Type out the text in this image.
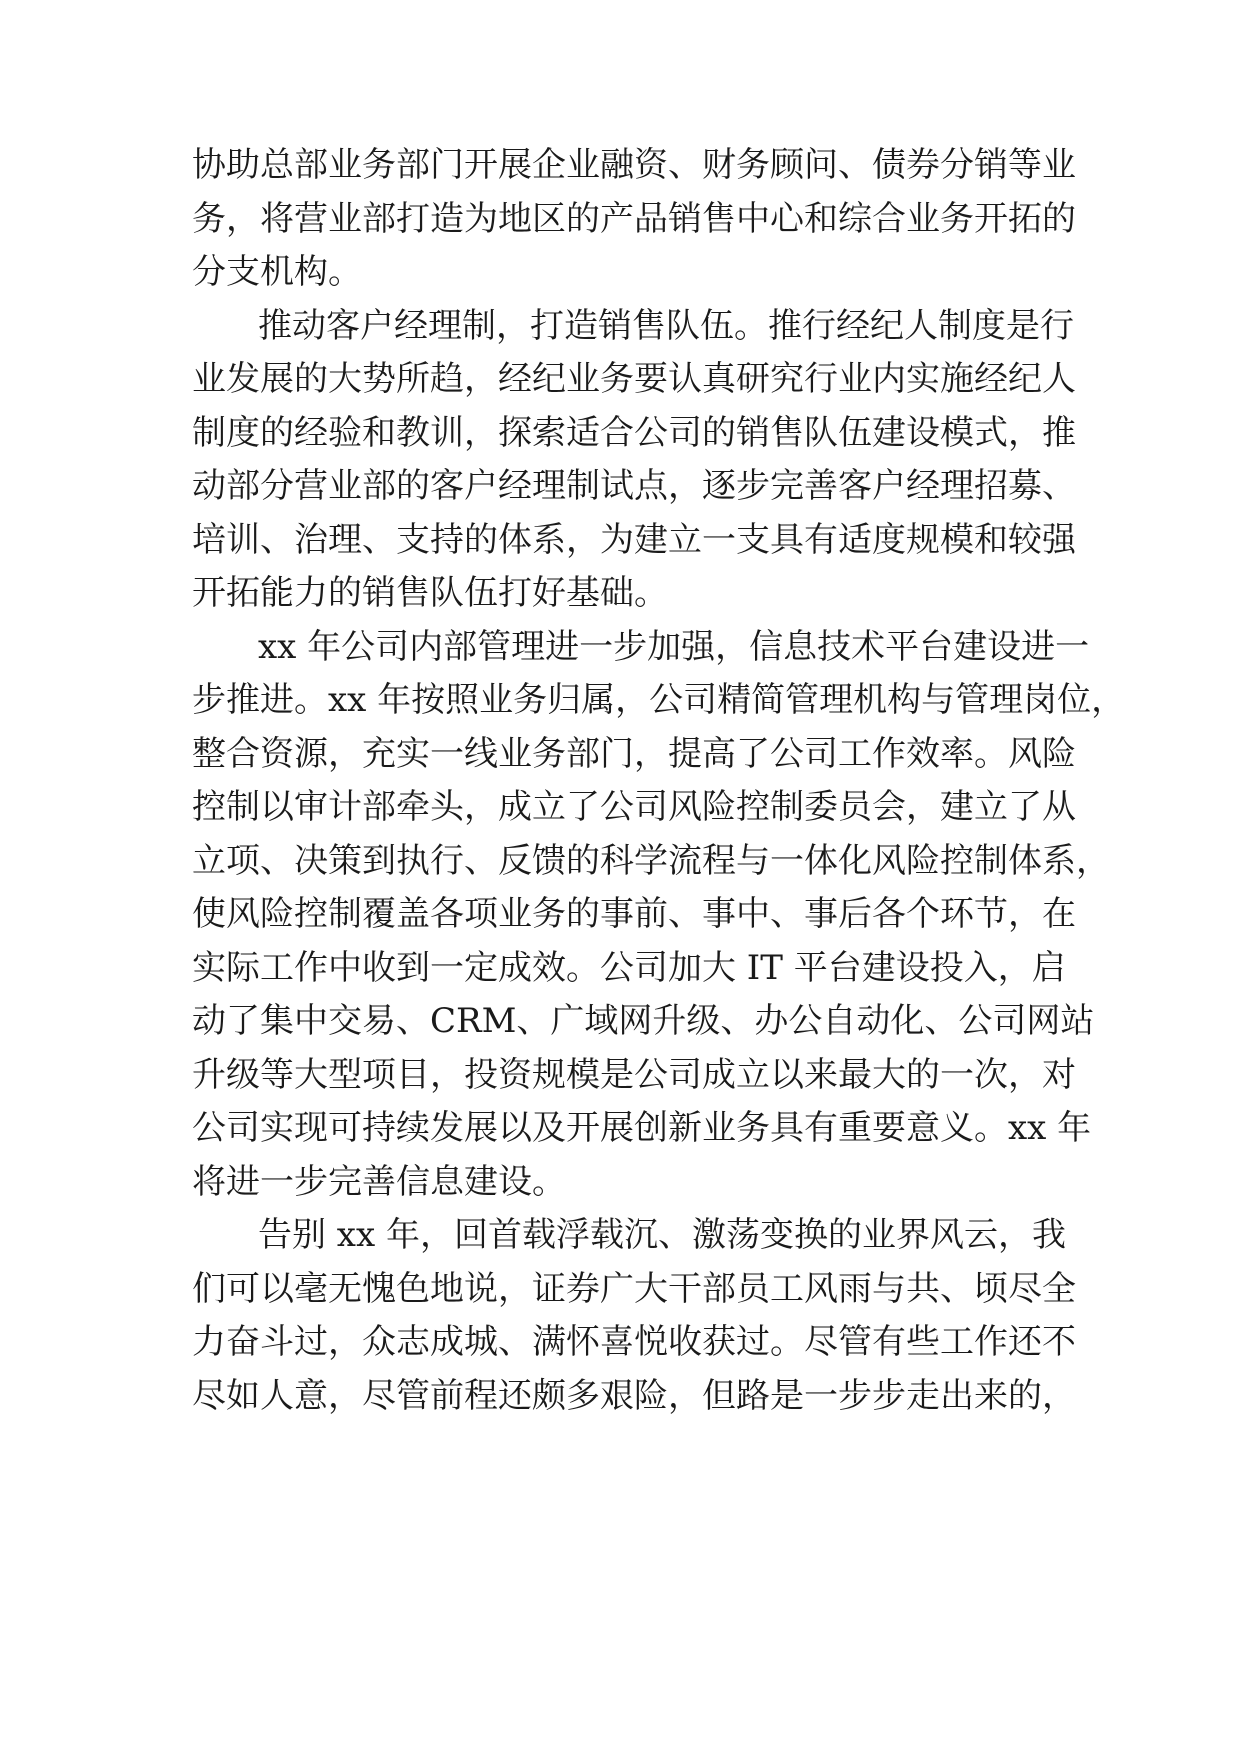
协助总部业务部门开展企业融资、财务顾问、债券分销等业
务，将营业部打造为地区的产品销售中心和综合业务开拓的
分支机构。
推动客户经理制，打造销售队伍。推行经纪人制度是行
业发展的大势所趋，经纪业务要认真研究行业内实施经纪人
制度的经验和教训，探索适合公司的销售队伍建设模式，推
动部分营业部的客户经理制试点，逐步完善客户经理招募、
培训、治理、支持的体系，为建立一支具有适度规模和较强
开拓能力的销售队伍打好基础。
xx 年公司内部管理进一步加强，信息技术平台建设进一
步推进。xx 年按照业务归属，公司精简管理机构与管理岗位，
整合资源，充实一线业务部门，提高了公司工作效率。风险
控制以审计部牵头，成立了公司风险控制委员会，建立了从
立项、决策到执行、反馈的科学流程与一体化风险控制体系，
使风险控制覆盖各项业务的事前、事中、事后各个环节，在
实际工作中收到一定成效。公司加大 IT 平台建设投入，启
动了集中交易、CRM、广域网升级、办公自动化、公司网站
升级等大型项目，投资规模是公司成立以来最大的一次，对
公司实现可持续发展以及开展创新业务具有重要意义。xx 年
将进一步完善信息建设。
告别 xx 年，回首载浮载沉、激荡变换的业界风云，我
们可以毫无愧色地说，证券广大干部员工风雨与共、顷尽全
力奋斗过，众志成城、满怀喜悦收获过。尽管有些工作还不
尽如人意，尽管前程还颇多艰险，但路是一步步走出来的，
